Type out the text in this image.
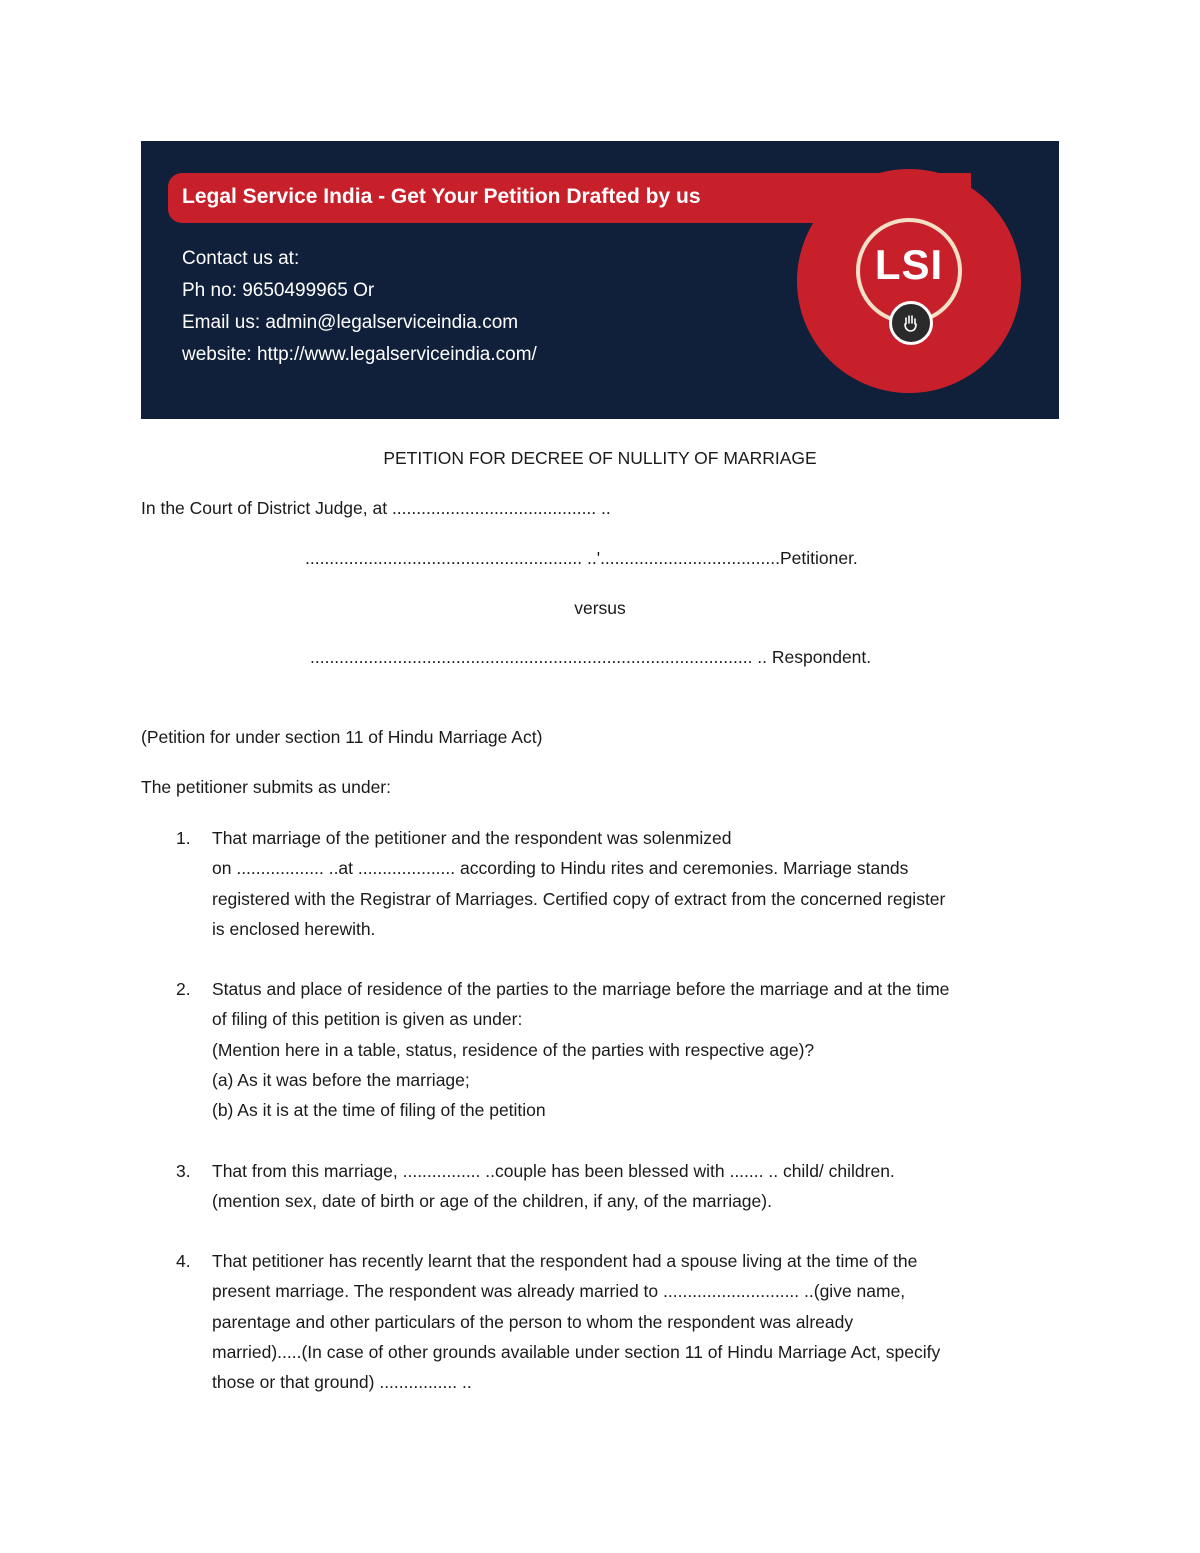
Legal Service India - Get Your Petition Drafted by us
Contact us at:
Ph no: 9650499965 Or
Email us: admin@legalserviceindia.com
website: http://www.legalserviceindia.com/
LSI
PETITION FOR DECREE OF NULLITY OF MARRIAGE
In the Court of District Judge, at .......................................... ..
......................................................... ..'.....................................Petitioner.
versus
........................................................................................... .. Respondent.
(Petition for under section 11 of Hindu Marriage Act)
The petitioner submits as under:
1. That marriage of the petitioner and the respondent was solenmized
on .................. ..at .................... according to Hindu rites and ceremonies. Marriage stands
registered with the Registrar of Marriages. Certified copy of extract from the concerned register
is enclosed herewith.
2. Status and place of residence of the parties to the marriage before the marriage and at the time
of filing of this petition is given as under:
(Mention here in a table, status, residence of the parties with respective age)?
(a) As it was before the marriage;
(b) As it is at the time of filing of the petition
3. That from this marriage, ................ ..couple has been blessed with ....... .. child/ children.
(mention sex, date of birth or age of the children, if any, of the marriage).
4. That petitioner has recently learnt that the respondent had a spouse living at the time of the
present marriage. The respondent was already married to ............................ ..(give name,
parentage and other particulars of the person to whom the respondent was already
married).....(In case of other grounds available under section 11 of Hindu Marriage Act, specify
those or that ground) ................ ..
